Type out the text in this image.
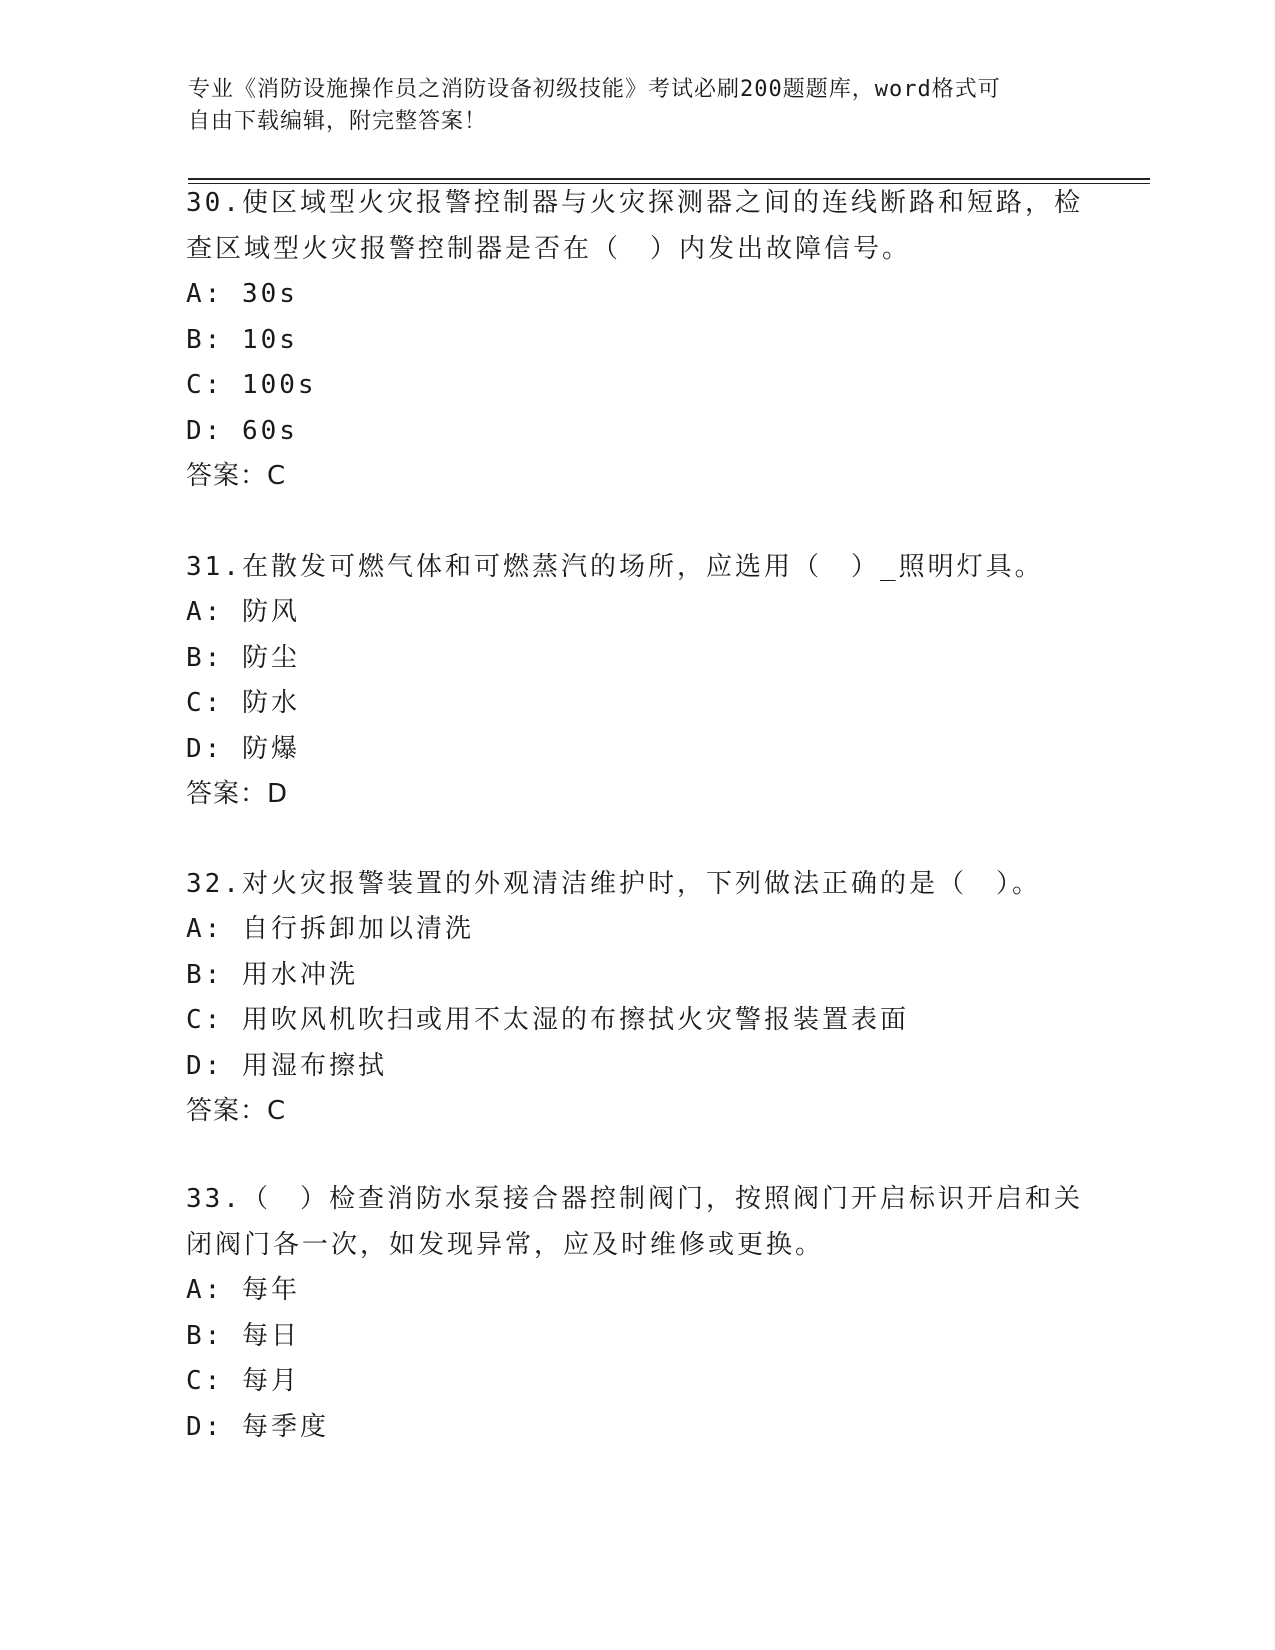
专业《消防设施操作员之消防设备初级技能》考试必刷200题题库，word格式可
自由下载编辑，附完整答案！

30.使区域型火灾报警控制器与火灾探测器之间的连线断路和短路，检

查区域型火灾报警控制器是否在（　）内发出故障信号。

A: 30s

B: 10s

C: 100s

D: 60s

答案：C

31.在散发可燃气体和可燃蒸汽的场所，应选用（　）_照明灯具。

A: 防风

B: 防尘

C: 防水

D: 防爆

答案：D

32.对火灾报警装置的外观清洁维护时，下列做法正确的是（　）。

A: 自行拆卸加以清洗

B: 用水冲洗

C: 用吹风机吹扫或用不太湿的布擦拭火灾警报装置表面

D: 用湿布擦拭

答案：C

33.（　）检查消防水泵接合器控制阀门，按照阀门开启标识开启和关

闭阀门各一次，如发现异常，应及时维修或更换。

A: 每年

B: 每日

C: 每月

D: 每季度
